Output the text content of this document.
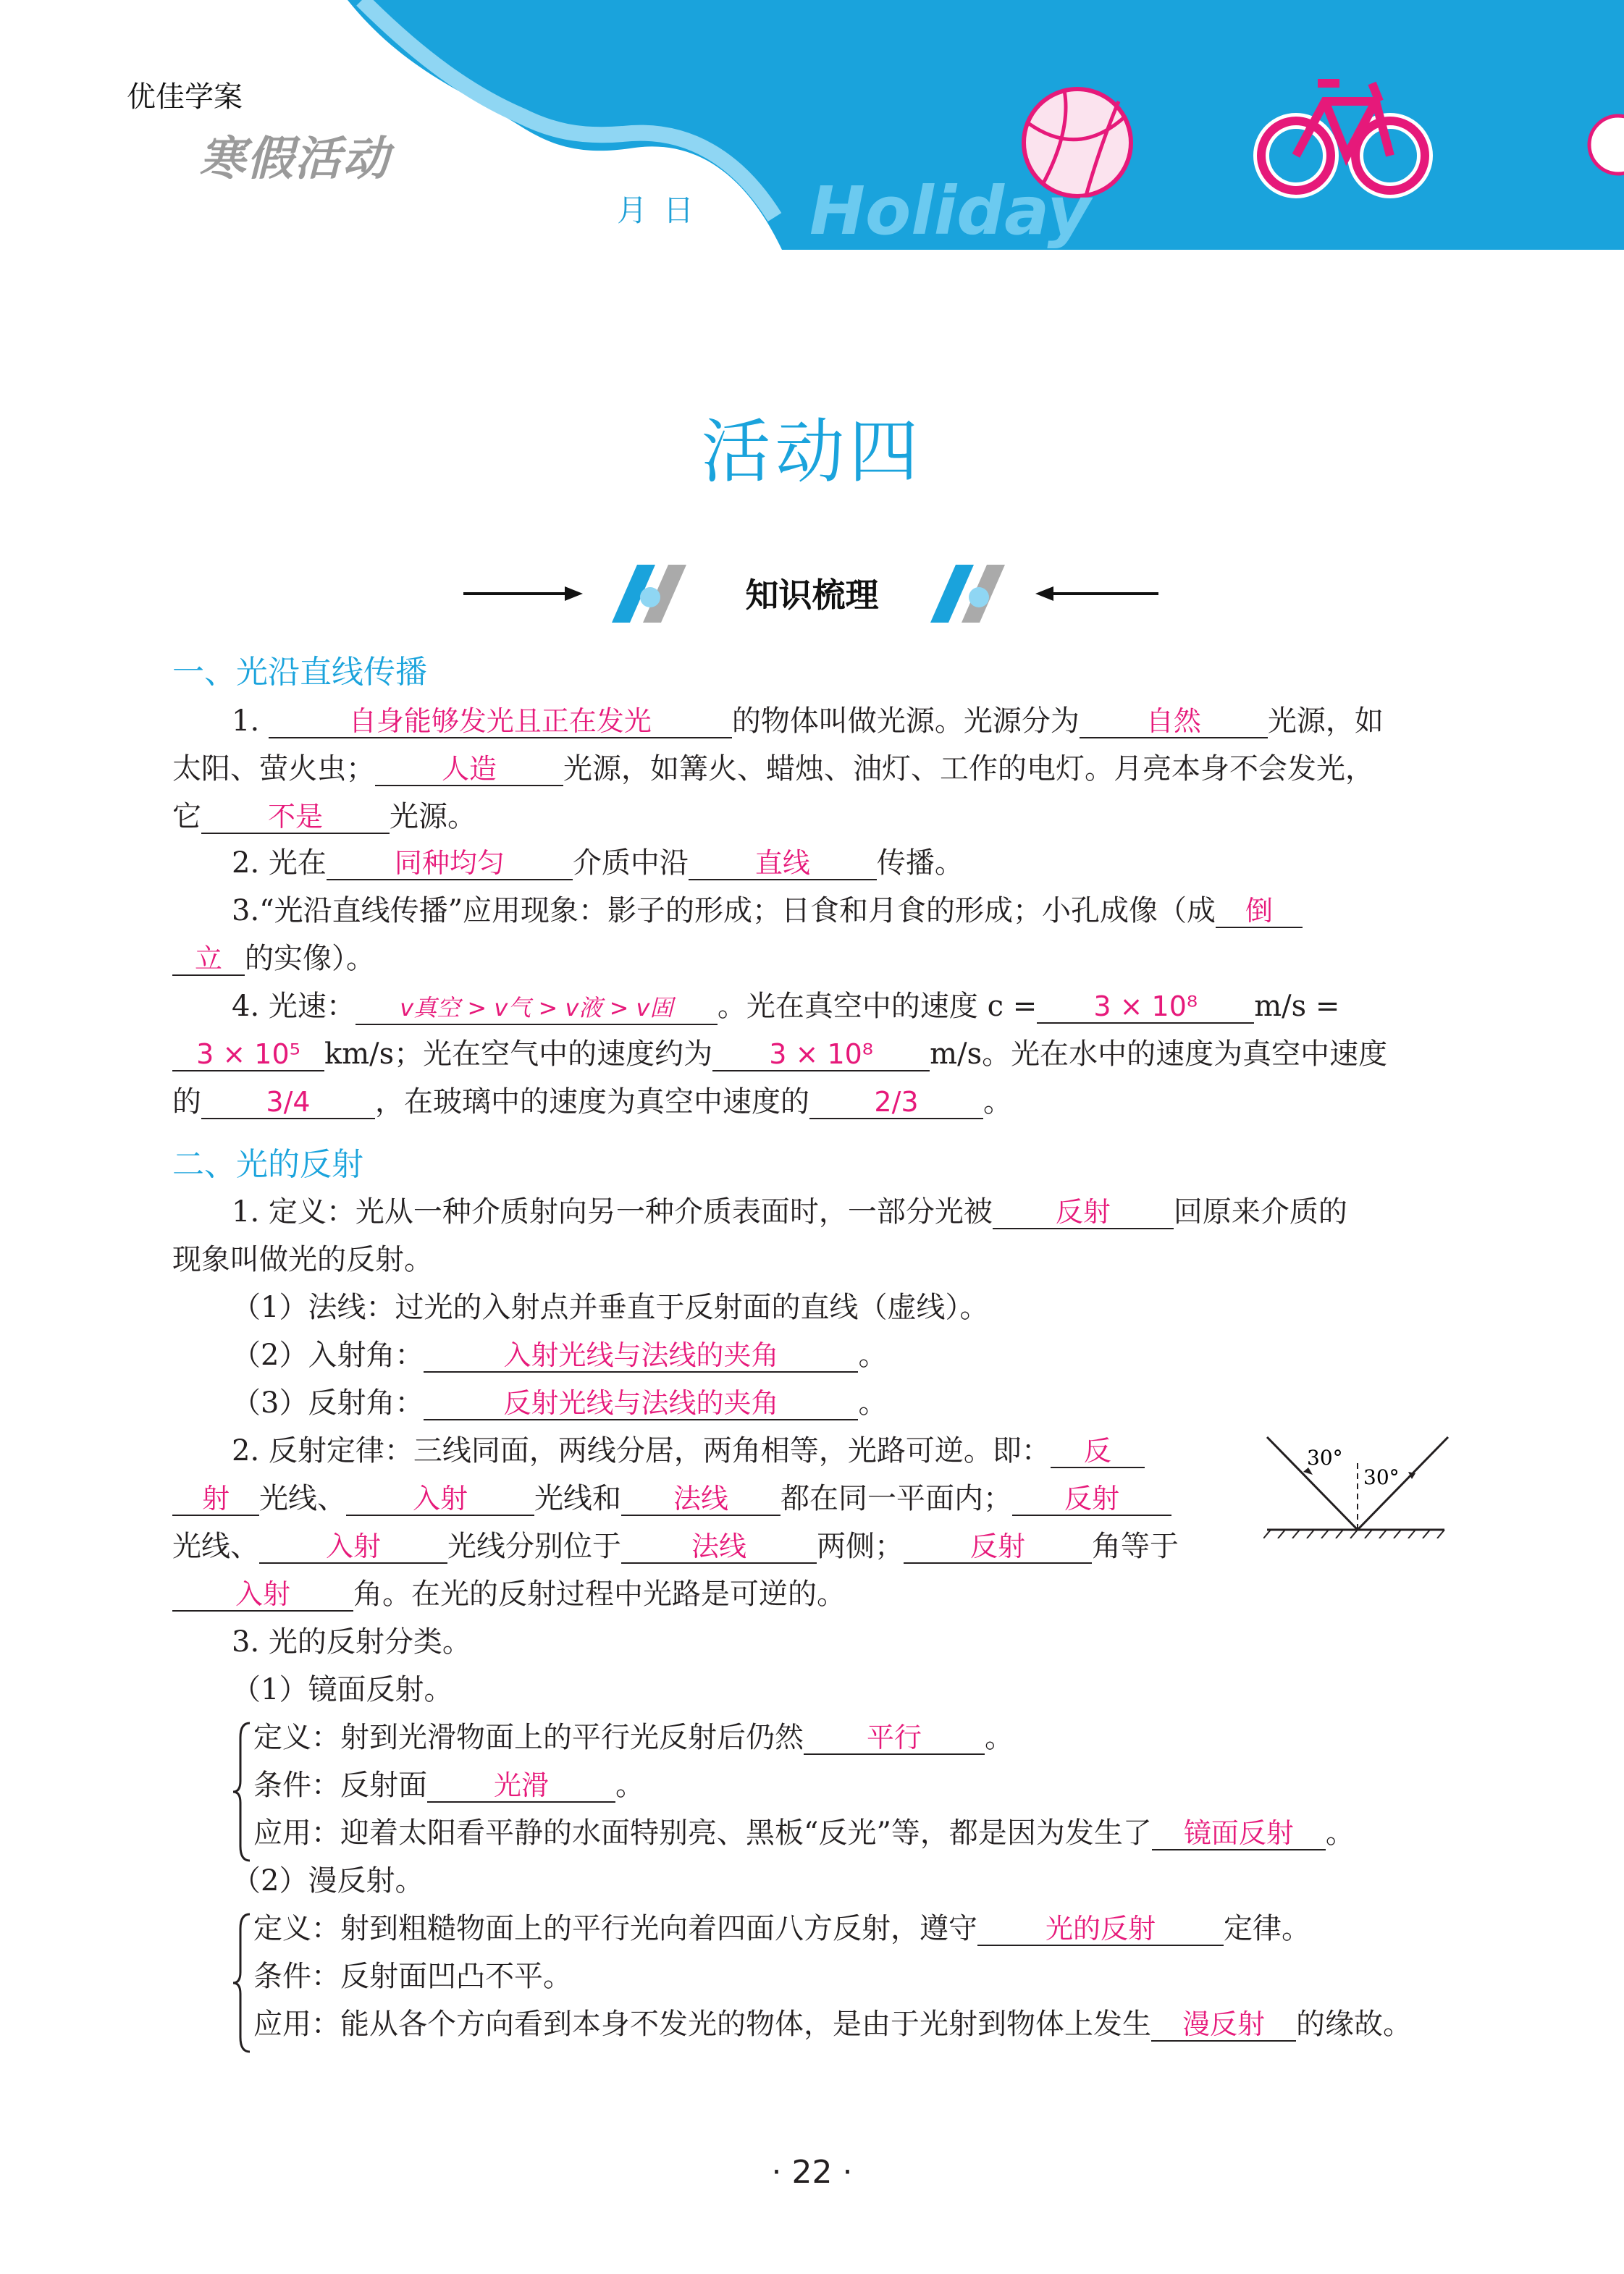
优佳学案
寒假活动
月 日 Holiday
活动四
知识梳理
一、光沿直线传播
1.	自身能够发光且正在发光	的物体叫做光源。光源分为 自然 光源，如
太阳、萤火虫； 人造 光源，如篝火、蜡烛、油灯、工作的电灯。月亮本身不会发光，
它 不是 光源。
2. 光在 同种均匀 介质中沿 直线 传播。
3.“光沿直线传播”应用现象：影子的形成；日食和月食的形成；小孔成像（成 倒
立 的实像）。
4. 光速： v真空 > v气 > v液 > v固 。光在真空中的速度 c = 3 × 10⁸ m/s =
3 × 10⁵ km/s；光在空气中的速度约为 3 × 10⁸ m/s。光在水中的速度为真空中速度
的 3/4 ，在玻璃中的速度为真空中速度的 2/3 。
二、光的反射
1. 定义：光从一种介质射向另一种介质表面时，一部分光被 反射 回原来介质的
现象叫做光的反射。
（1）法线：过光的入射点并垂直于反射面的直线（虚线）。
（2）入射角：	入射光线与法线的夹角	。
（3）反射角：	反射光线与法线的夹角	。
2. 反射定律：三线同面，两线分居，两角相等，光路可逆。即： 反
射 光线、 入射 光线和 法线 都在同一平面内； 反射
光线、 入射 光线分别位于	法线 两侧； 反射 角等于
入射 角。在光的反射过程中光路是可逆的。
30°
30°
3. 光的反射分类。
（1）镜面反射。
定义：射到光滑物面上的平行光反射后仍然 平行 。
条件：反射面 光滑 。
应用：迎着太阳看平静的水面特别亮、黑板“反光”等，都是因为发生了 镜面反射 。
（2）漫反射。
定义：射到粗糙物面上的平行光向着四面八方反射，遵守 光的反射 定律。
条件：反射面凹凸不平。
应用：能从各个方向看到本身不发光的物体，是由于光射到物体上发生 漫反射 的缘故。
· 22 ·
